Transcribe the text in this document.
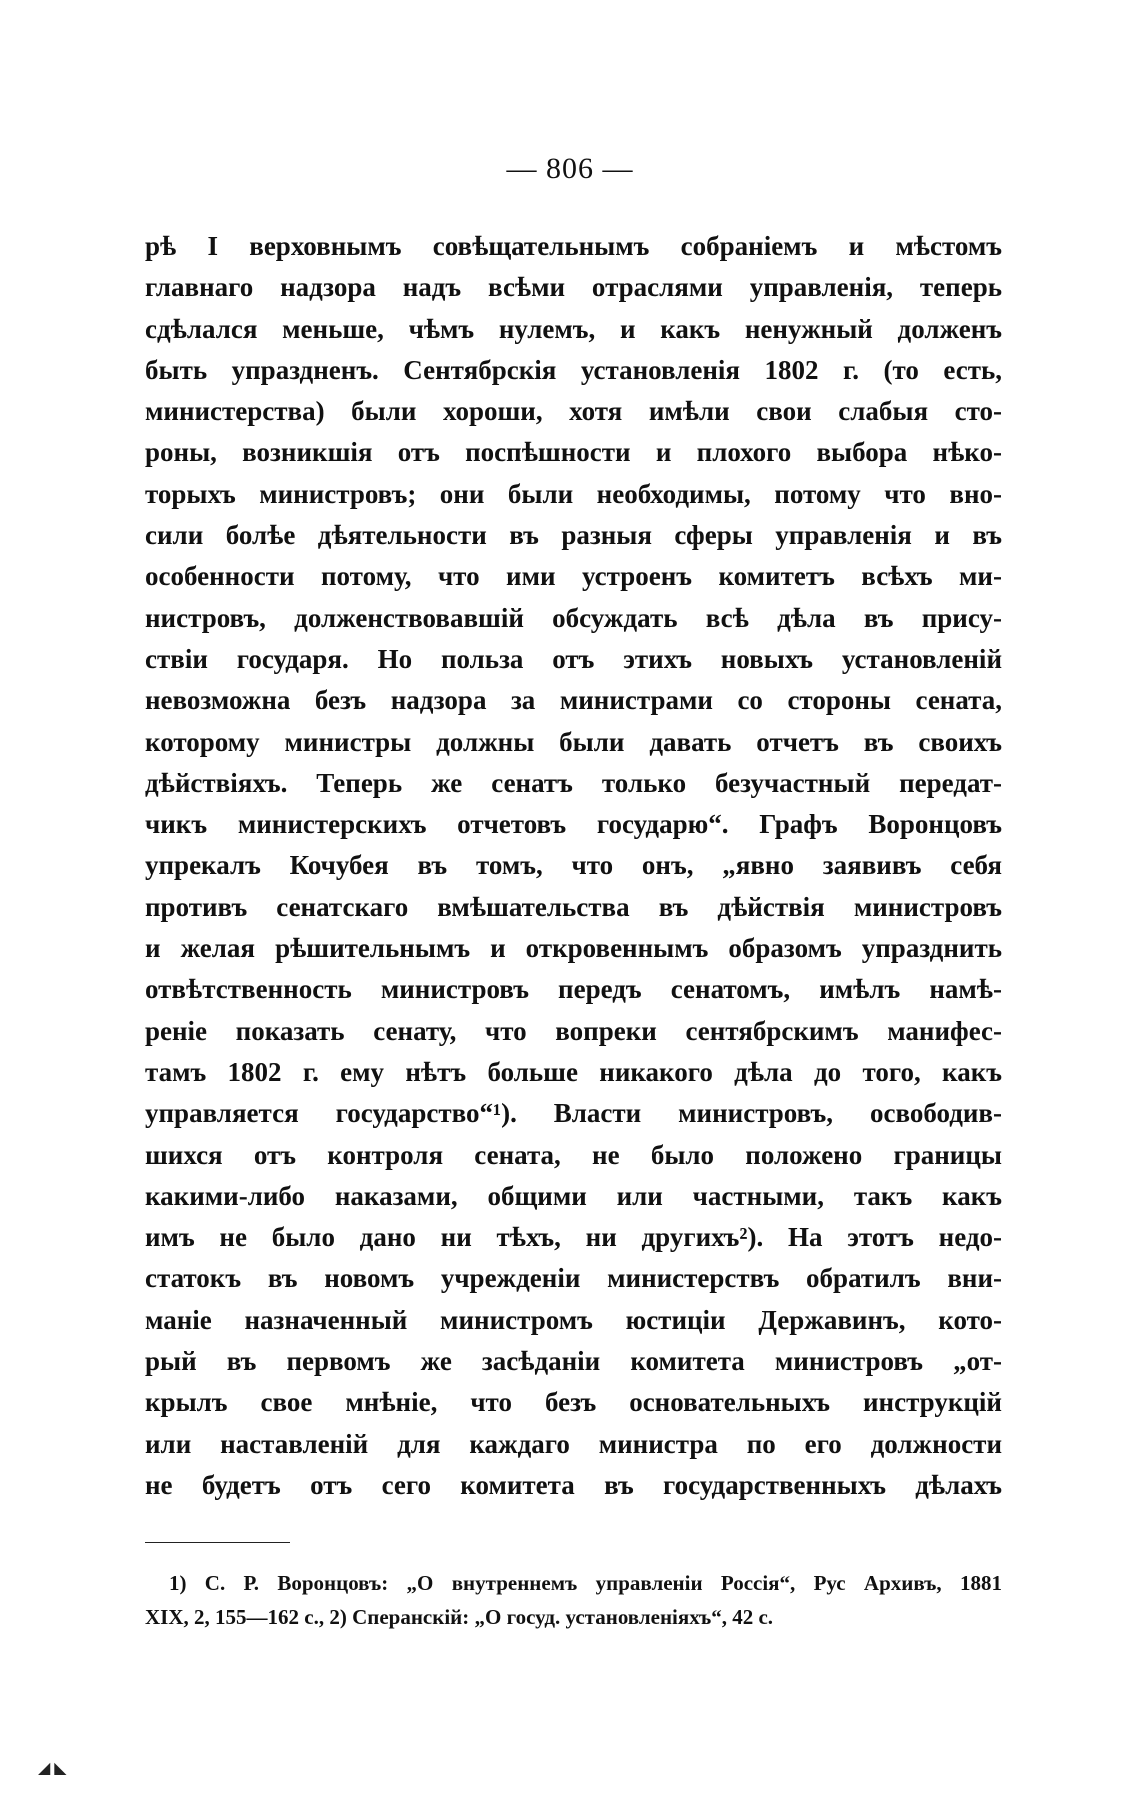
— 806 —
рѣ I верховнымъ совѣщательнымъ собраніемъ и мѣстомъ
главнаго надзора надъ всѣми отраслями управленія, теперь
сдѣлался меньше, чѣмъ нулемъ, и какъ ненужный долженъ
быть упраздненъ. Сентябрскія установленія 1802 г. (то есть,
министерства) были хороши, хотя имѣли свои слабыя сто-
роны, возникшія отъ поспѣшности и плохого выбора нѣко-
торыхъ министровъ; они были необходимы, потому что вно-
сили болѣе дѣятельности въ разныя сферы управленія и въ
особенности потому, что ими устроенъ комитетъ всѣхъ ми-
нистровъ, долженствовавшій обсуждать всѣ дѣла въ прису-
ствіи государя. Но польза отъ этихъ новыхъ установленій
невозможна безъ надзора за министрами со стороны сената,
которому министры должны были давать отчетъ въ своихъ
дѣйствіяхъ. Теперь же сенатъ только безучастный передат-
чикъ министерскихъ отчетовъ государю“. Графъ Воронцовъ
упрекалъ Кочубея въ томъ, что онъ, „явно заявивъ себя
противъ сенатскаго вмѣшательства въ дѣйствія министровъ
и желая рѣшительнымъ и откровеннымъ образомъ упразднить
отвѣтственность министровъ передъ сенатомъ, имѣлъ намѣ-
реніе показать сенату, что вопреки сентябрскимъ манифес-
тамъ 1802 г. ему нѣтъ больше никакого дѣла до того, какъ
управляется государство“¹). Власти министровъ, освободив-
шихся отъ контроля сената, не было положено границы
какими-либо наказами, общими или частными, такъ какъ
имъ не было дано ни тѣхъ, ни другихъ²). На этотъ недо-
статокъ въ новомъ учрежденіи министерствъ обратилъ вни-
маніе назначенный министромъ юстиціи Державинъ, кото-
рый въ первомъ же засѣданіи комитета министровъ „от-
крылъ свое мнѣніе, что безъ основательныхъ инструкцій
или наставленій для каждаго министра по его должности
не будетъ отъ сего комитета въ государственныхъ дѣлахъ
1) С. Р. Воронцовъ: „О внутреннемъ управленіи Россія“, Рус Архивъ, 1881
XIX, 2, 155—162 с., 2) Сперанскій: „О госуд. установленіяхъ“, 42 с.
◢ ◣
